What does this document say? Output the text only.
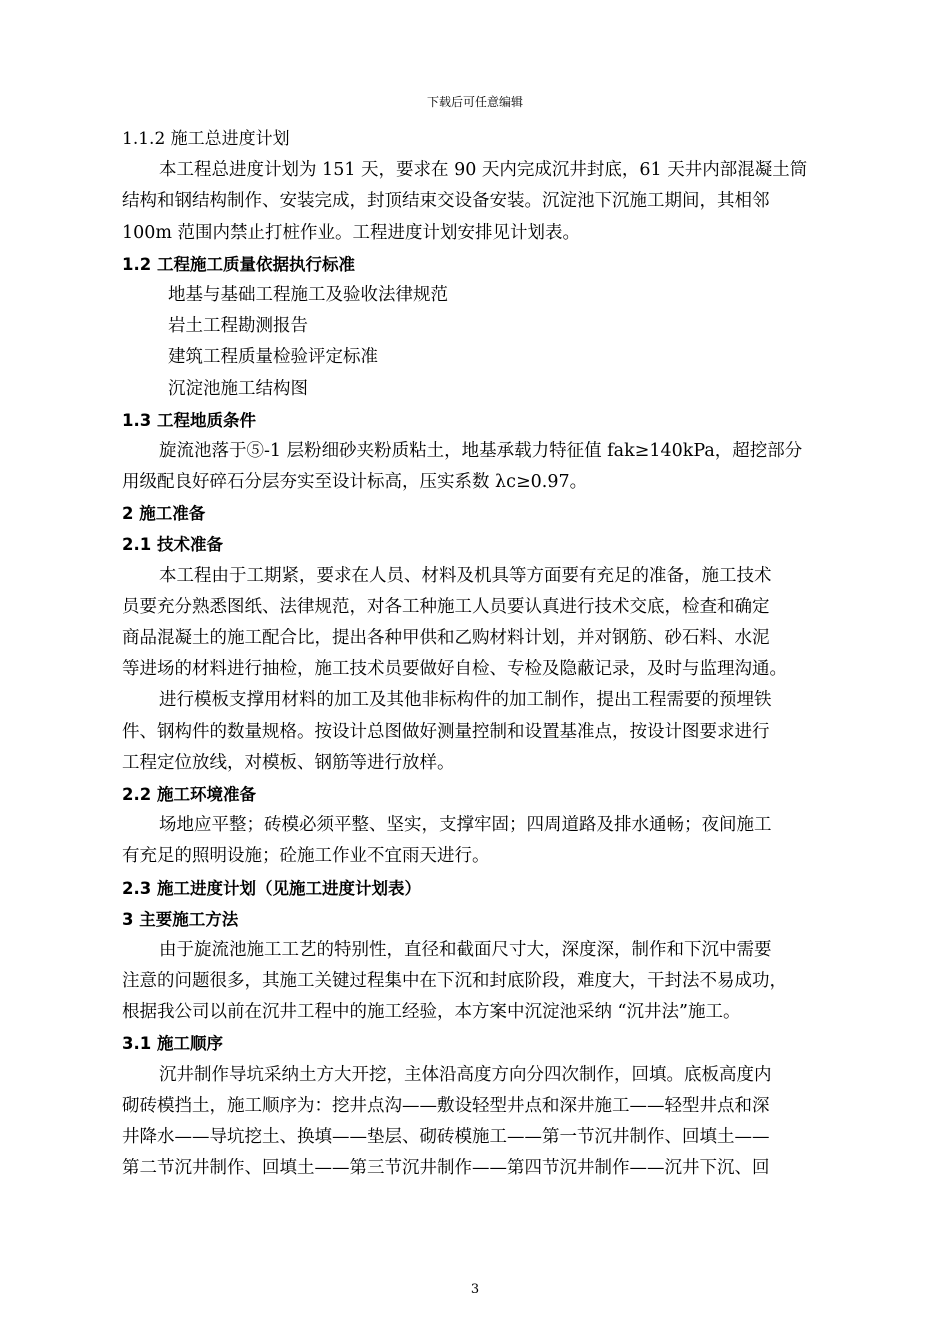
下载后可任意编辑
1.1.2 施工总进度计划
本工程总进度计划为 151 天，要求在 90 天内完成沉井封底，61 天井内部混凝土筒
结构和钢结构制作、安装完成，封顶结束交设备安装。沉淀池下沉施工期间，其相邻
100m 范围内禁止打桩作业。工程进度计划安排见计划表。
1.2 工程施工质量依据执行标准
地基与基础工程施工及验收法律规范
岩土工程勘测报告
建筑工程质量检验评定标准
沉淀池施工结构图
1.3 工程地质条件
旋流池落于⑤-1 层粉细砂夹粉质粘土，地基承载力特征值 fak≥140kPa，超挖部分
用级配良好碎石分层夯实至设计标高，压实系数 λc≥0.97。
2 施工准备
2.1 技术准备
本工程由于工期紧，要求在人员、材料及机具等方面要有充足的准备，施工技术
员要充分熟悉图纸、法律规范，对各工种施工人员要认真进行技术交底，检查和确定
商品混凝土的施工配合比，提出各种甲供和乙购材料计划，并对钢筋、砂石料、水泥
等进场的材料进行抽检，施工技术员要做好自检、专检及隐蔽记录，及时与监理沟通。
进行模板支撑用材料的加工及其他非标构件的加工制作，提出工程需要的预埋铁
件、钢构件的数量规格。按设计总图做好测量控制和设置基准点，按设计图要求进行
工程定位放线，对模板、钢筋等进行放样。
2.2 施工环境准备
场地应平整；砖模必须平整、坚实，支撑牢固；四周道路及排水通畅；夜间施工
有充足的照明设施；砼施工作业不宜雨天进行。
2.3 施工进度计划（见施工进度计划表）
3 主要施工方法
由于旋流池施工工艺的特别性，直径和截面尺寸大，深度深，制作和下沉中需要
注意的问题很多，其施工关键过程集中在下沉和封底阶段，难度大，干封法不易成功，
根据我公司以前在沉井工程中的施工经验，本方案中沉淀池采纳 “沉井法”施工。
3.1 施工顺序
沉井制作导坑采纳土方大开挖，主体沿高度方向分四次制作，回填。底板高度内
砌砖模挡土，施工顺序为：挖井点沟——敷设轻型井点和深井施工——轻型井点和深
井降水——导坑挖土、换填——垫层、砌砖模施工——第一节沉井制作、回填土——
第二节沉井制作、回填土——第三节沉井制作——第四节沉井制作——沉井下沉、回
3
